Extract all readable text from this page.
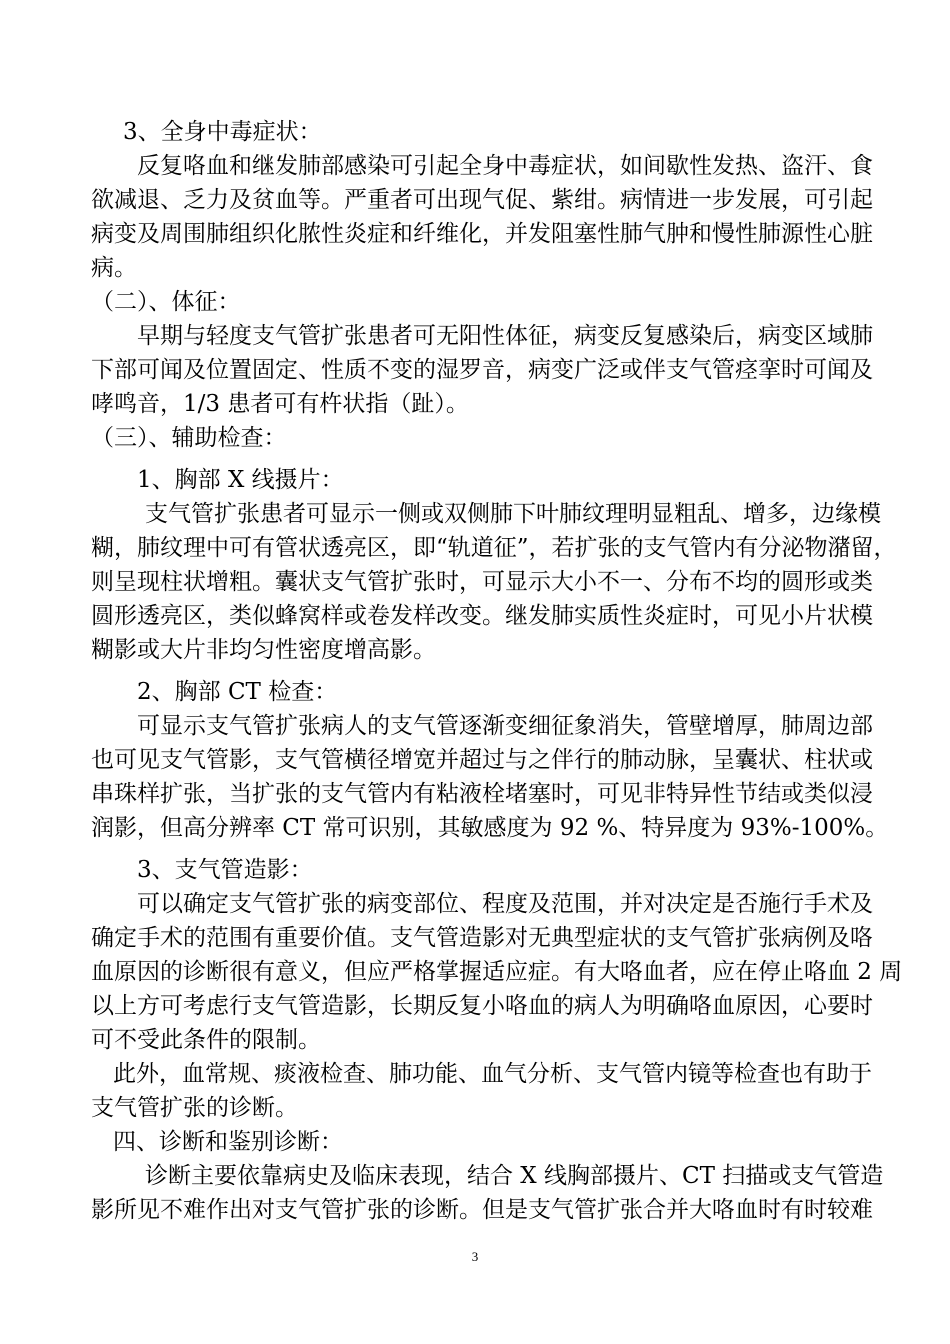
3、全身中毒症状：
反复咯血和继发肺部感染可引起全身中毒症状，如间歇性发热、盗汗、食
欲减退、乏力及贫血等。严重者可出现气促、紫绀。病情进一步发展，可引起
病变及周围肺组织化脓性炎症和纤维化，并发阻塞性肺气肿和慢性肺源性心脏
病。
（二）、体征：
早期与轻度支气管扩张患者可无阳性体征，病变反复感染后，病变区域肺
下部可闻及位置固定、性质不变的湿罗音，病变广泛或伴支气管痉挛时可闻及
哮鸣音，1/3 患者可有杵状指（趾）。
（三）、辅助检查：
1、胸部 X 线摄片：
支气管扩张患者可显示一侧或双侧肺下叶肺纹理明显粗乱、增多，边缘模
糊，肺纹理中可有管状透亮区，即“轨道征”，若扩张的支气管内有分泌物潴留，
则呈现柱状增粗。囊状支气管扩张时，可显示大小不一、分布不均的圆形或类
圆形透亮区，类似蜂窝样或卷发样改变。继发肺实质性炎症时，可见小片状模
糊影或大片非均匀性密度增高影。
2、胸部 CT 检查：
可显示支气管扩张病人的支气管逐渐变细征象消失，管壁增厚，肺周边部
也可见支气管影，支气管横径增宽并超过与之伴行的肺动脉，呈囊状、柱状或
串珠样扩张，当扩张的支气管内有粘液栓堵塞时，可见非特异性节结或类似浸
润影，但高分辨率 CT 常可识别，其敏感度为 92 %、特异度为 93%-100%。
3、支气管造影：
可以确定支气管扩张的病变部位、程度及范围，并对决定是否施行手术及
确定手术的范围有重要价值。支气管造影对无典型症状的支气管扩张病例及咯
血原因的诊断很有意义，但应严格掌握适应症。有大咯血者，应在停止咯血 2 周
以上方可考虑行支气管造影，长期反复小咯血的病人为明确咯血原因，心要时
可不受此条件的限制。
此外，血常规、痰液检查、肺功能、血气分析、支气管内镜等检查也有助于
支气管扩张的诊断。
四、诊断和鉴别诊断：
诊断主要依靠病史及临床表现，结合 X 线胸部摄片、CT 扫描或支气管造
影所见不难作出对支气管扩张的诊断。但是支气管扩张合并大咯血时有时较难
3
